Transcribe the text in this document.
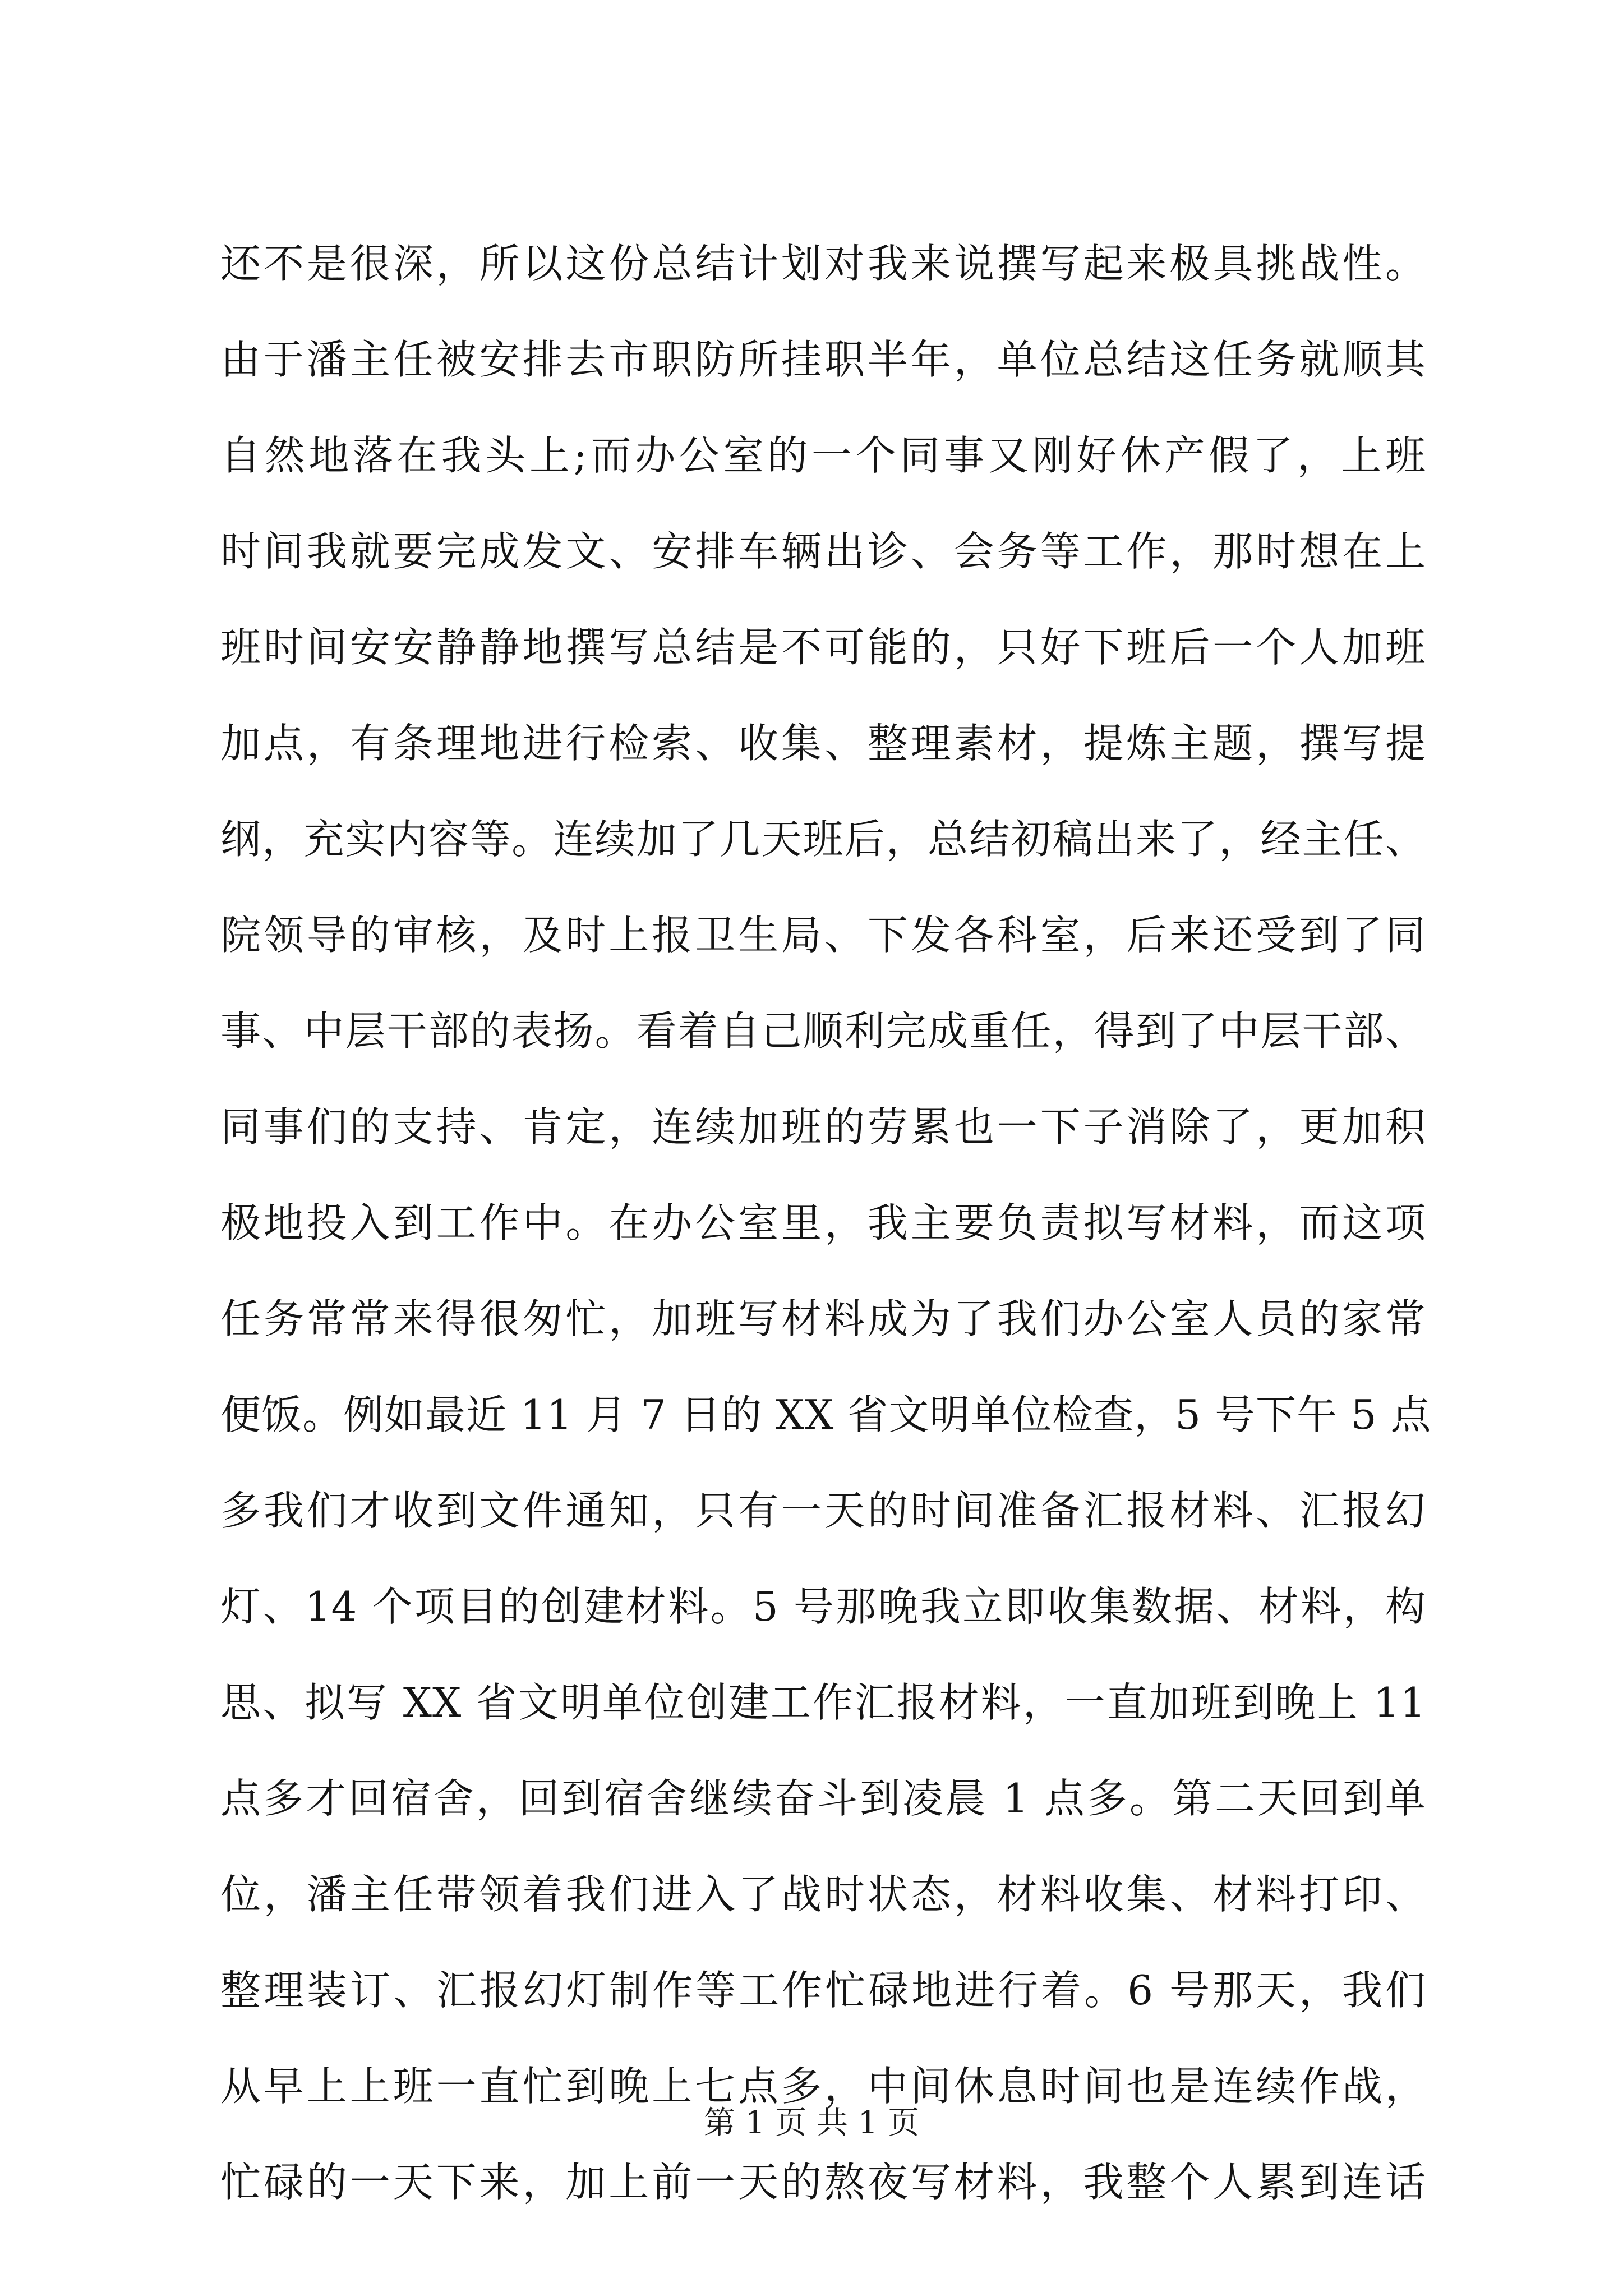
还不是很深，所以这份总结计划对我来说撰写起来极具挑战性。
由于潘主任被安排去市职防所挂职半年，单位总结这任务就顺其
自然地落在我头上;而办公室的一个同事又刚好休产假了，上班
时间我就要完成发文、安排车辆出诊、会务等工作，那时想在上
班时间安安静静地撰写总结是不可能的，只好下班后一个人加班
加点，有条理地进行检索、收集、整理素材，提炼主题，撰写提
纲，充实内容等。连续加了几天班后，总结初稿出来了，经主任、
院领导的审核，及时上报卫生局、下发各科室，后来还受到了同
事、中层干部的表扬。看着自己顺利完成重任，得到了中层干部、
同事们的支持、肯定，连续加班的劳累也一下子消除了，更加积
极地投入到工作中。在办公室里，我主要负责拟写材料，而这项
任务常常来得很匆忙，加班写材料成为了我们办公室人员的家常
便饭。例如最近 11 月 7 日的 XX 省文明单位检查，5 号下午 5 点
多我们才收到文件通知，只有一天的时间准备汇报材料、汇报幻
灯、14 个项目的创建材料。5 号那晚我立即收集数据、材料，构
思、拟写 XX 省文明单位创建工作汇报材料，一直加班到晚上 11
点多才回宿舍，回到宿舍继续奋斗到凌晨 1 点多。第二天回到单
位，潘主任带领着我们进入了战时状态，材料收集、材料打印、
整理装订、汇报幻灯制作等工作忙碌地进行着。6 号那天，我们
从早上上班一直忙到晚上七点多，中间休息时间也是连续作战，
忙碌的一天下来，加上前一天的熬夜写材料，我整个人累到连话
第 1 页 共 1 页
